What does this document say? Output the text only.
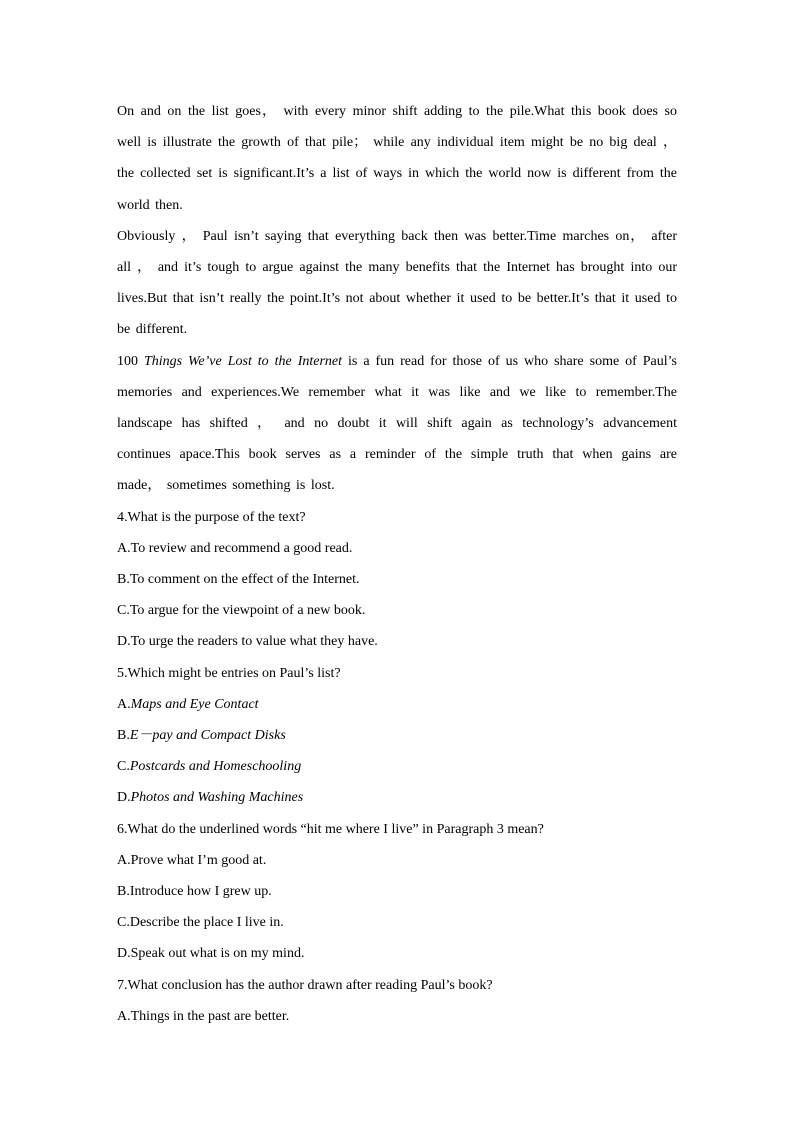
On and on the list goes， with every minor shift adding to the pile.What this book does so well is illustrate the growth of that pile； while any individual item might be no big deal ， the collected set is significant.It’s a list of ways in which the world now is different from the world then.

Obviously ， Paul isn’t saying that everything back then was better.Time marches on， after all ， and it’s tough to argue against the many benefits that the Internet has brought into our lives.But that isn’t really the point.It’s not about whether it used to be better.It’s that it used to be different.

100 Things We’ve Lost to the Internet is a fun read for those of us who share some of Paul’s memories and experiences.We remember what it was like and we like to remember.The landscape has shifted ， and no doubt it will shift again as technology’s advancement continues apace.This book serves as a reminder of the simple truth that when gains are made， sometimes something is lost.

4.What is the purpose of the text?

A.To review and recommend a good read.

B.To comment on the effect of the Internet.

C.To argue for the viewpoint of a new book.

D.To urge the readers to value what they have.

5.Which might be entries on Paul’s list?

A.Maps and Eye Contact

B.E－pay and Compact Disks

C.Postcards and Homeschooling

D.Photos and Washing Machines

6.What do the underlined words “hit me where I live” in Paragraph 3 mean?

A.Prove what I’m good at.

B.Introduce how I grew up.

C.Describe the place I live in.

D.Speak out what is on my mind.

7.What conclusion has the author drawn after reading Paul’s book?

A.Things in the past are better.
